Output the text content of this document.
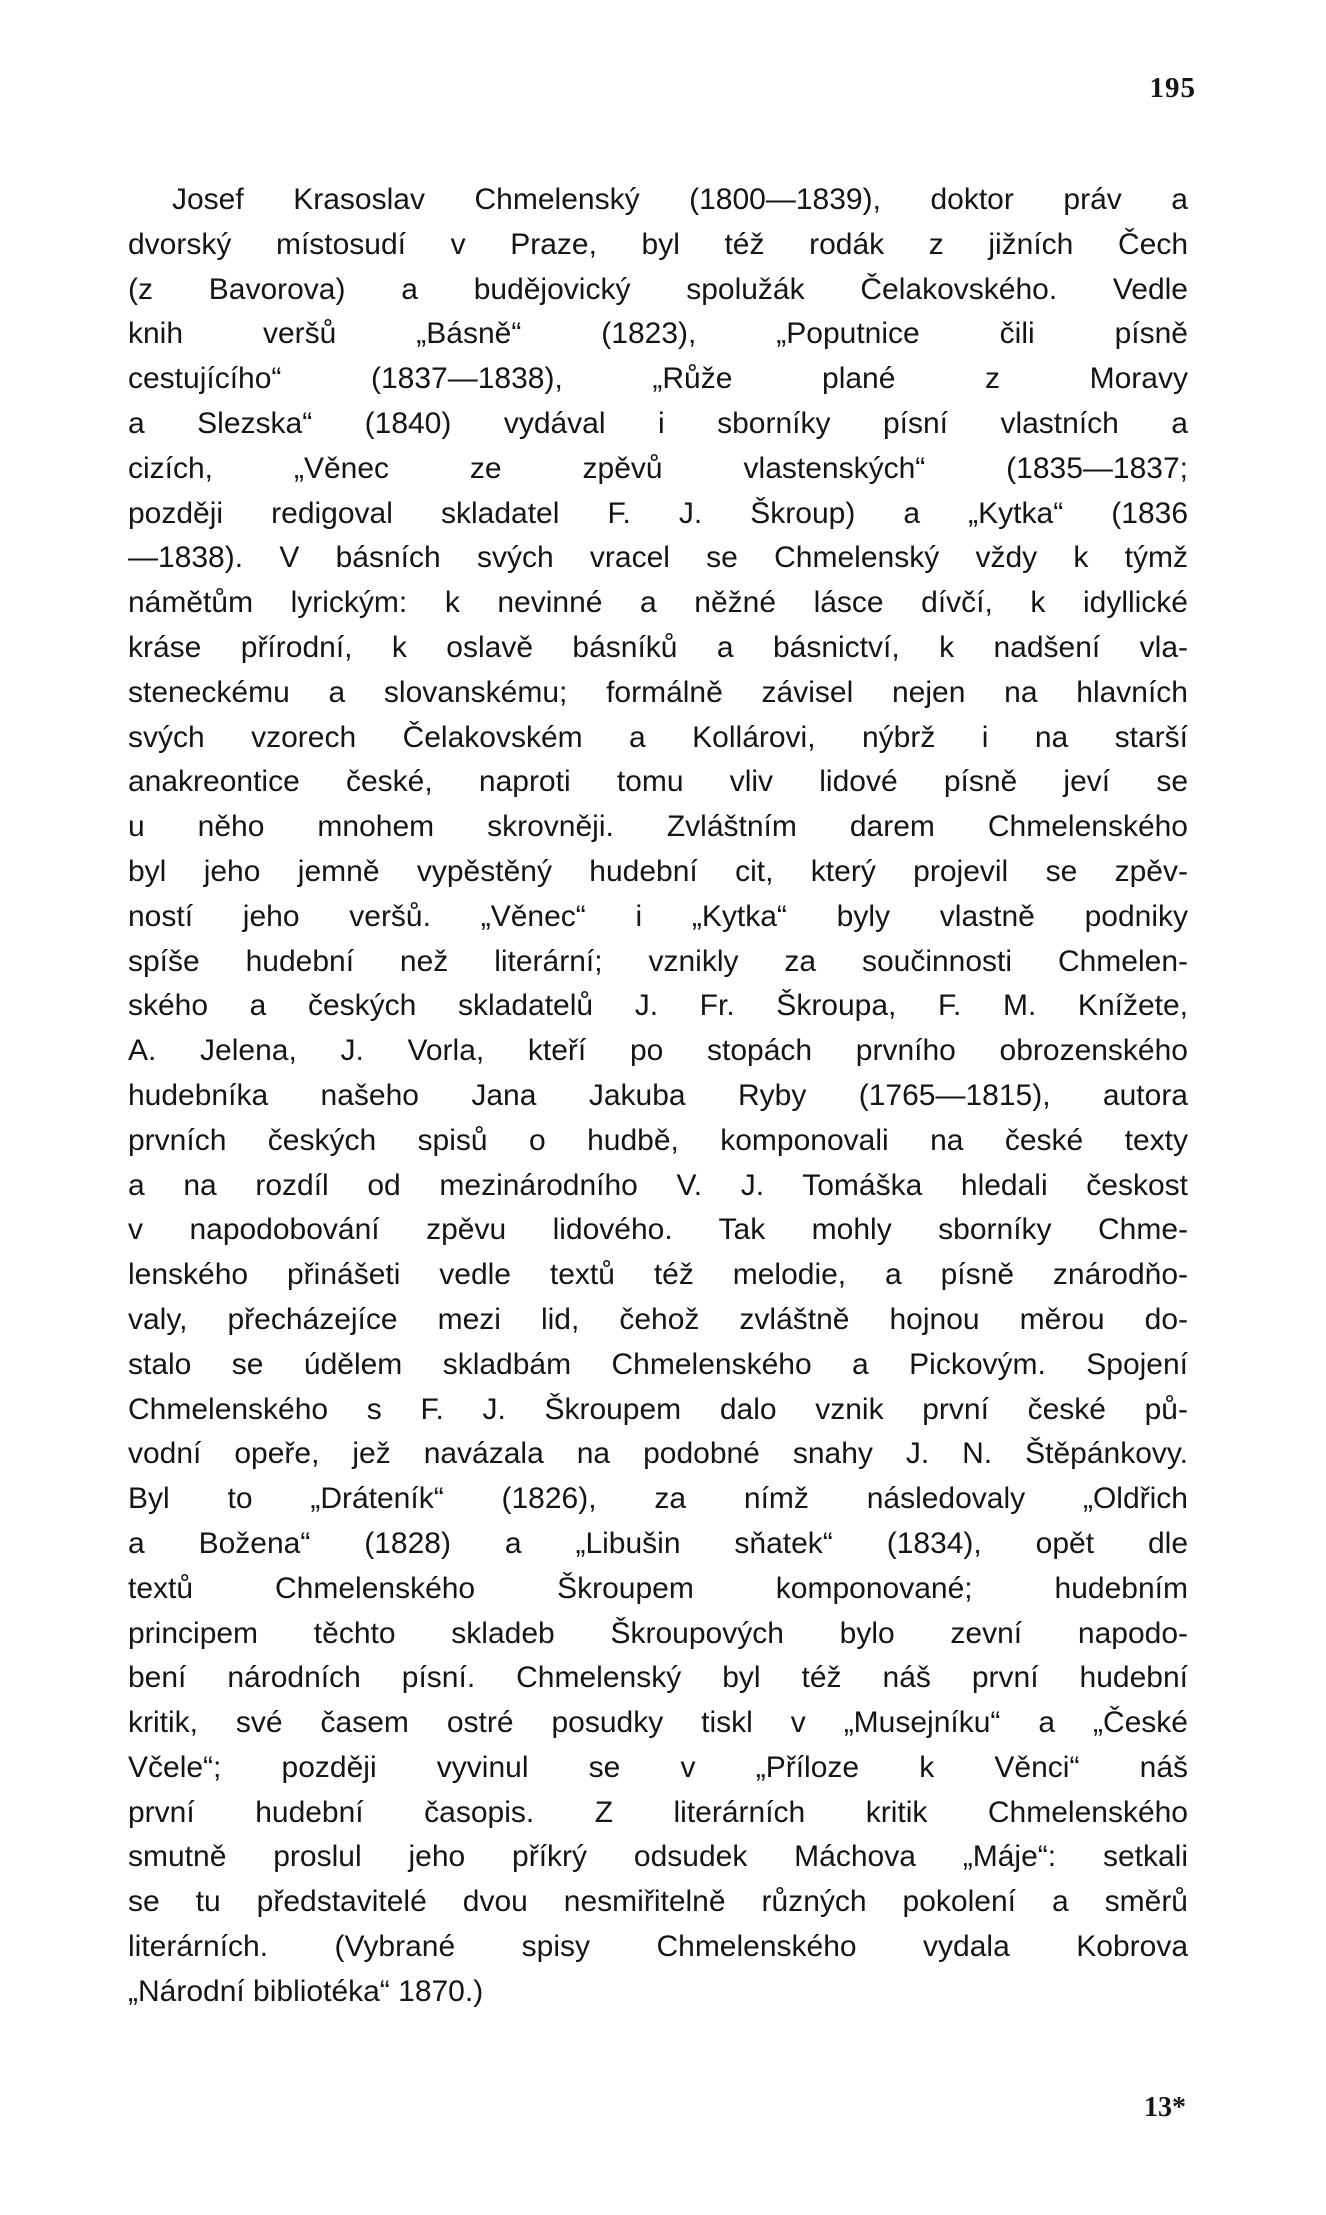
195
Josef Krasoslav Chmelenský (1800—1839), doktor práv a
dvorský místosudí v Praze, byl též rodák z jižních Čech
(z Bavorova) a budějovický spolužák Čelakovského. Vedle
knih veršů „Básně“ (1823), „Poputnice čili písně
cestujícího“ (1837—1838), „Růže plané z Moravy
a Slezska“ (1840) vydával i sborníky písní vlastních a
cizích, „Věnec ze zpěvů vlastenských“ (1835—1837;
později redigoval skladatel F. J. Škroup) a „Kytka“ (1836
—1838). V básních svých vracel se Chmelenský vždy k týmž
námětům lyrickým: k nevinné a něžné lásce dívčí, k idyllické
kráse přírodní, k oslavě básníků a básnictví, k nadšení vla-
steneckému a slovanskému; formálně závisel nejen na hlavních
svých vzorech Čelakovském a Kollárovi, nýbrž i na starší
anakreontice české, naproti tomu vliv lidové písně jeví se
u něho mnohem skrovněji. Zvláštním darem Chmelenského
byl jeho jemně vypěstěný hudební cit, který projevil se zpěv-
ností jeho veršů. „Věnec“ i „Kytka“ byly vlastně podniky
spíše hudební než literární; vznikly za součinnosti Chmelen-
ského a českých skladatelů J. Fr. Škroupa, F. M. Knížete,
A. Jelena, J. Vorla, kteří po stopách prvního obrozenského
hudebníka našeho Jana Jakuba Ryby (1765—1815), autora
prvních českých spisů o hudbě, komponovali na české texty
a na rozdíl od mezinárodního V. J. Tomáška hledali českost
v napodobování zpěvu lidového. Tak mohly sborníky Chme-
lenského přinášeti vedle textů též melodie, a písně znárodňo-
valy, přecházejíce mezi lid, čehož zvláštně hojnou měrou do-
stalo se údělem skladbám Chmelenského a Pickovým. Spojení
Chmelenského s F. J. Škroupem dalo vznik první české pů-
vodní opeře, jež navázala na podobné snahy J. N. Štěpánkovy.
Byl to „Dráteník“ (1826), za nímž následovaly „Oldřich
a Božena“ (1828) a „Libušin sňatek“ (1834), opět dle
textů Chmelenského Škroupem komponované; hudebním
principem těchto skladeb Škroupových bylo zevní napodo-
bení národních písní. Chmelenský byl též náš první hudební
kritik, své časem ostré posudky tiskl v „Musejníku“ a „České
Včele“; později vyvinul se v „Příloze k Věnci“ náš
první hudební časopis. Z literárních kritik Chmelenského
smutně proslul jeho příkrý odsudek Máchova „Máje“: setkali
se tu představitelé dvou nesmiřitelně různých pokolení a směrů
literárních. (Vybrané spisy Chmelenského vydala Kobrova
„Národní bibliotéka“ 1870.)
13*
